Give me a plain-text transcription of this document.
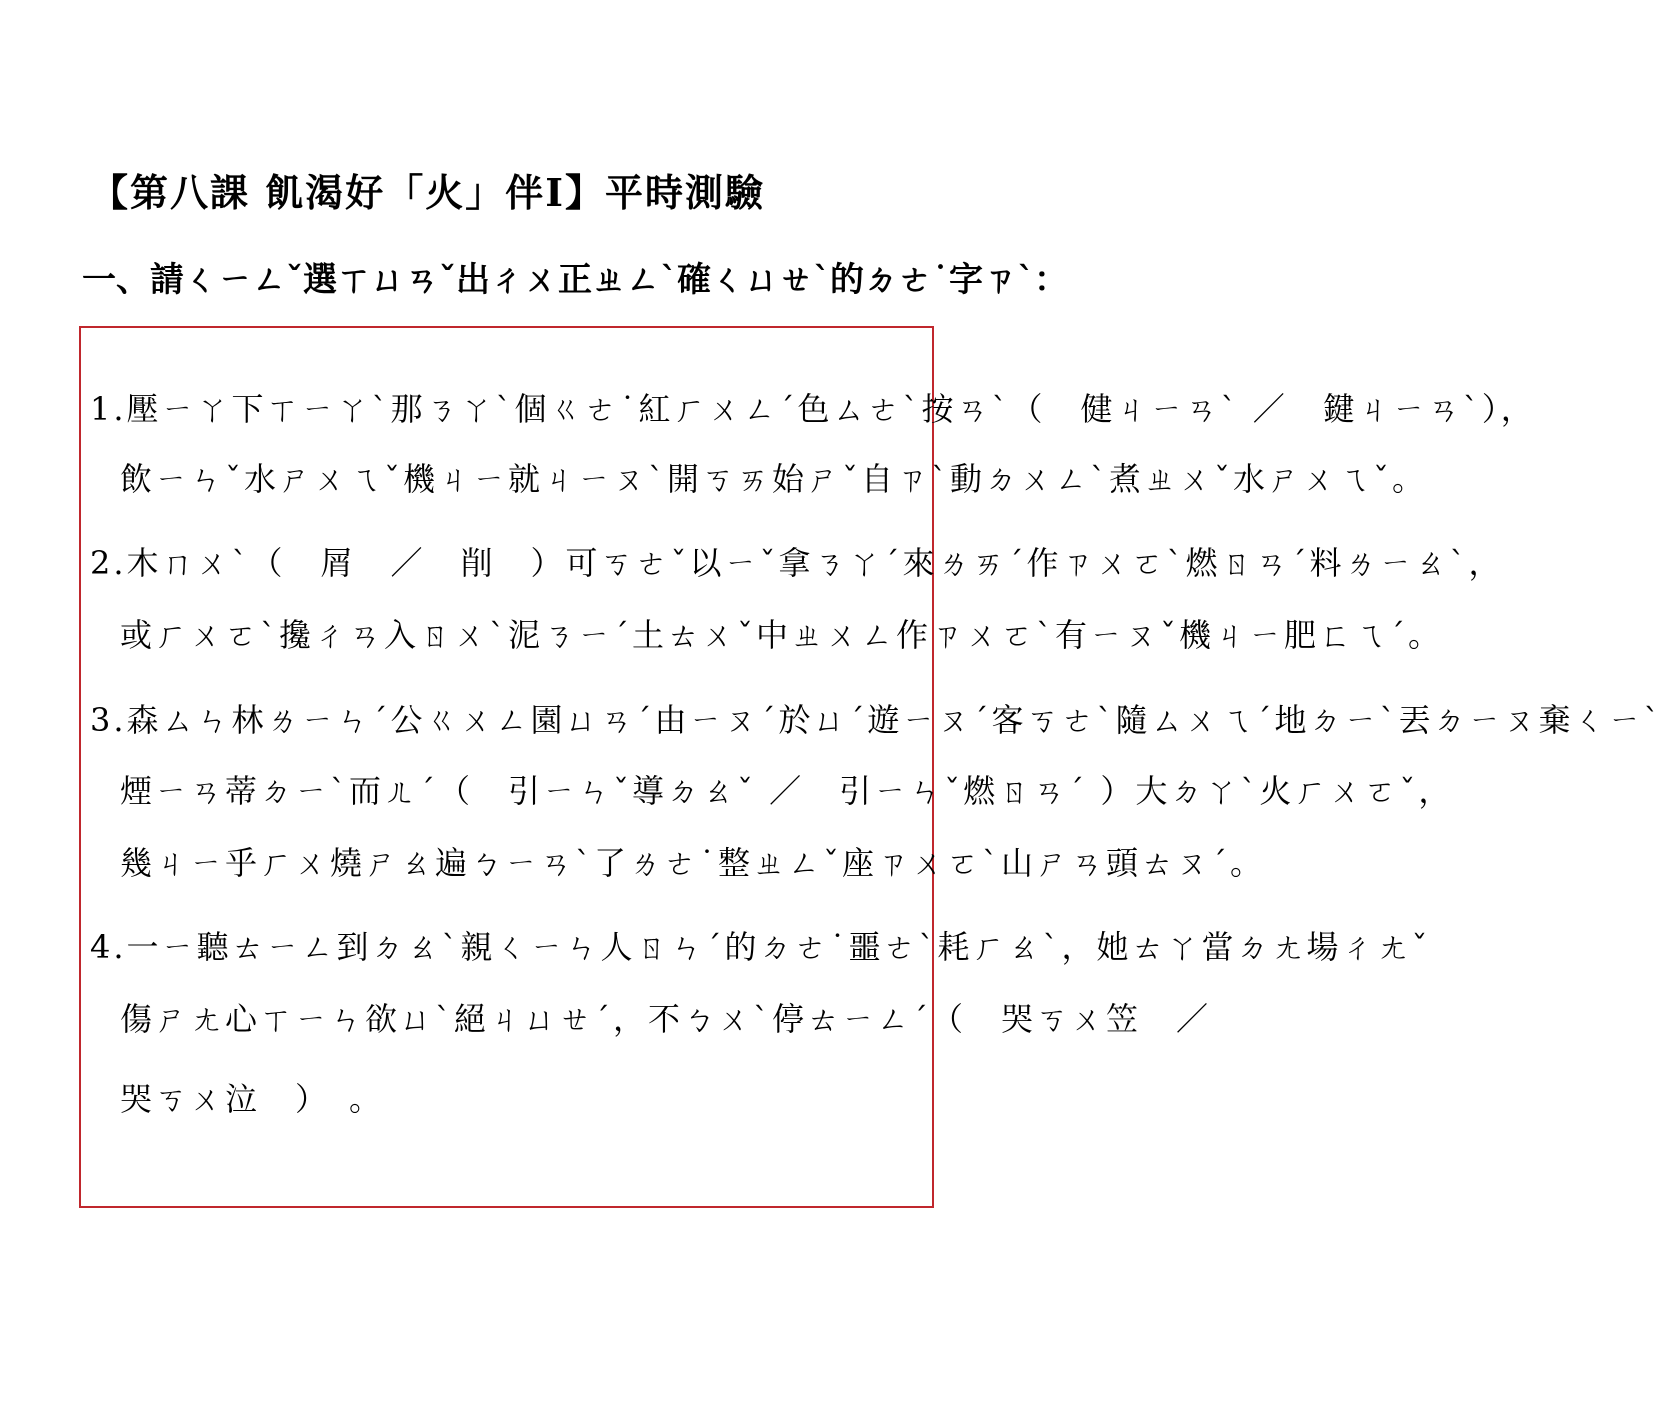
【第八課 飢渴好「火」伴Ⅰ】平時測驗
一、請ㄑㄧㄥˇ選ㄒㄩㄢˇ出ㄔㄨ正ㄓㄥˋ確ㄑㄩㄝˋ的ㄉㄜ˙字ㄗˋ：
1.壓ㄧㄚ下ㄒㄧㄚˋ那ㄋㄚˋ個ㄍㄜ˙紅ㄏㄨㄥˊ色ㄙㄜˋ按ㄢˋ（　健ㄐㄧㄢˋ ／　鍵ㄐㄧㄢˋ），
飲ㄧㄣˇ水ㄕㄨㄟˇ機ㄐㄧ就ㄐㄧㄡˋ開ㄎㄞ始ㄕˇ自ㄗˋ動ㄉㄨㄥˋ煮ㄓㄨˇ水ㄕㄨㄟˇ。
2.木ㄇㄨˋ（　屑　／　削　）可ㄎㄜˇ以ㄧˇ拿ㄋㄚˊ來ㄌㄞˊ作ㄗㄨㄛˋ燃ㄖㄢˊ料ㄌㄧㄠˋ，
或ㄏㄨㄛˋ攙ㄔㄢ入ㄖㄨˋ泥ㄋㄧˊ土ㄊㄨˇ中ㄓㄨㄥ作ㄗㄨㄛˋ有ㄧㄡˇ機ㄐㄧ肥ㄈㄟˊ。
3.森ㄙㄣ林ㄌㄧㄣˊ公ㄍㄨㄥ園ㄩㄢˊ由ㄧㄡˊ於ㄩˊ遊ㄧㄡˊ客ㄎㄜˋ隨ㄙㄨㄟˊ地ㄉㄧˋ丟ㄉㄧㄡ棄ㄑㄧˋ
煙ㄧㄢ蒂ㄉㄧˋ而ㄦˊ（　引ㄧㄣˇ導ㄉㄠˇ ／　引ㄧㄣˇ燃ㄖㄢˊ ）大ㄉㄚˋ火ㄏㄨㄛˇ，
幾ㄐㄧ乎ㄏㄨ燒ㄕㄠ遍ㄅㄧㄢˋ了ㄌㄜ˙整ㄓㄥˇ座ㄗㄨㄛˋ山ㄕㄢ頭ㄊㄡˊ。
4.一ㄧ聽ㄊㄧㄥ到ㄉㄠˋ親ㄑㄧㄣ人ㄖㄣˊ的ㄉㄜ˙噩ㄜˋ耗ㄏㄠˋ，她ㄊㄚ當ㄉㄤ場ㄔㄤˇ
傷ㄕㄤ心ㄒㄧㄣ欲ㄩˋ絕ㄐㄩㄝˊ，不ㄅㄨˋ停ㄊㄧㄥˊ（　哭ㄎㄨ笠　／
哭ㄎㄨ泣　）　。
